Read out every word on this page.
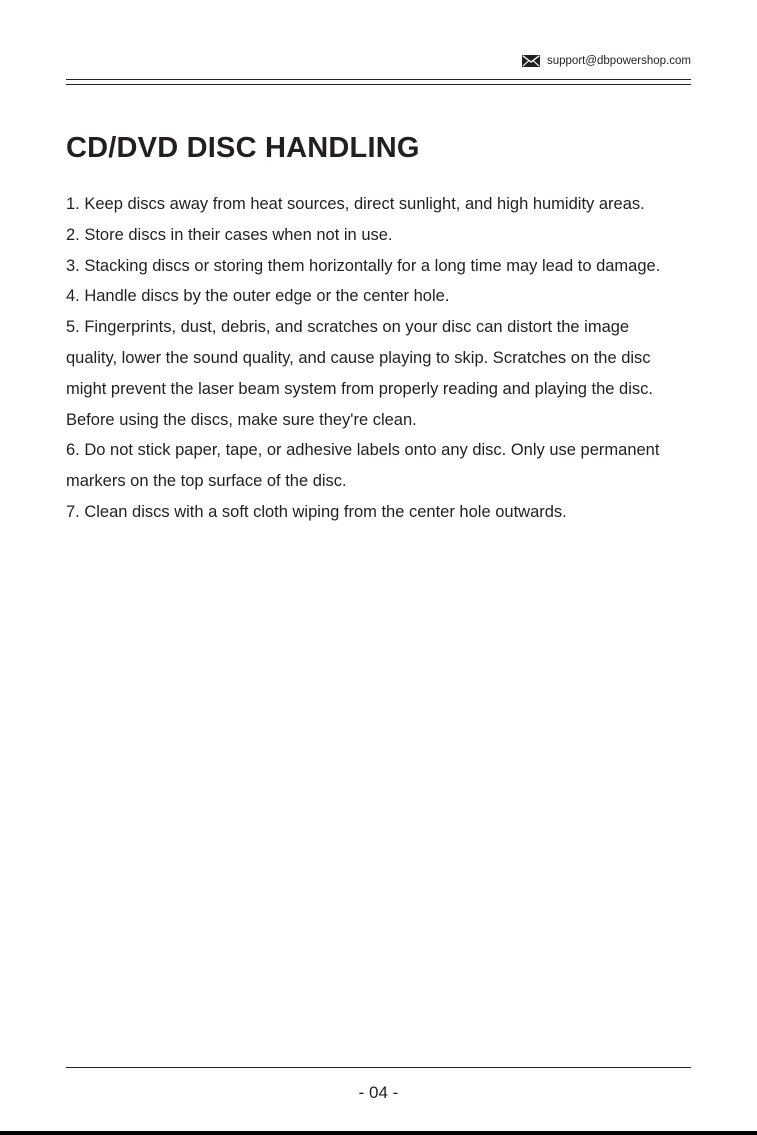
support@dbpowershop.com
CD/DVD DISC HANDLING

1. Keep discs away from heat sources, direct sunlight, and high humidity areas.

2. Store discs in their cases when not in use.

3. Stacking discs or storing them horizontally for a long time may lead to damage.

4. Handle discs by the outer edge or the center hole.

5. Fingerprints, dust, debris, and scratches on your disc can distort the image quality, lower the sound quality, and cause playing to skip. Scratches on the disc might prevent the laser beam system from properly reading and playing the disc. Before using the discs, make sure they're clean.

6. Do not stick paper, tape, or adhesive labels onto any disc. Only use permanent markers on the top surface of the disc.

7. Clean discs with a soft cloth wiping from the center hole outwards.

- 04 -
